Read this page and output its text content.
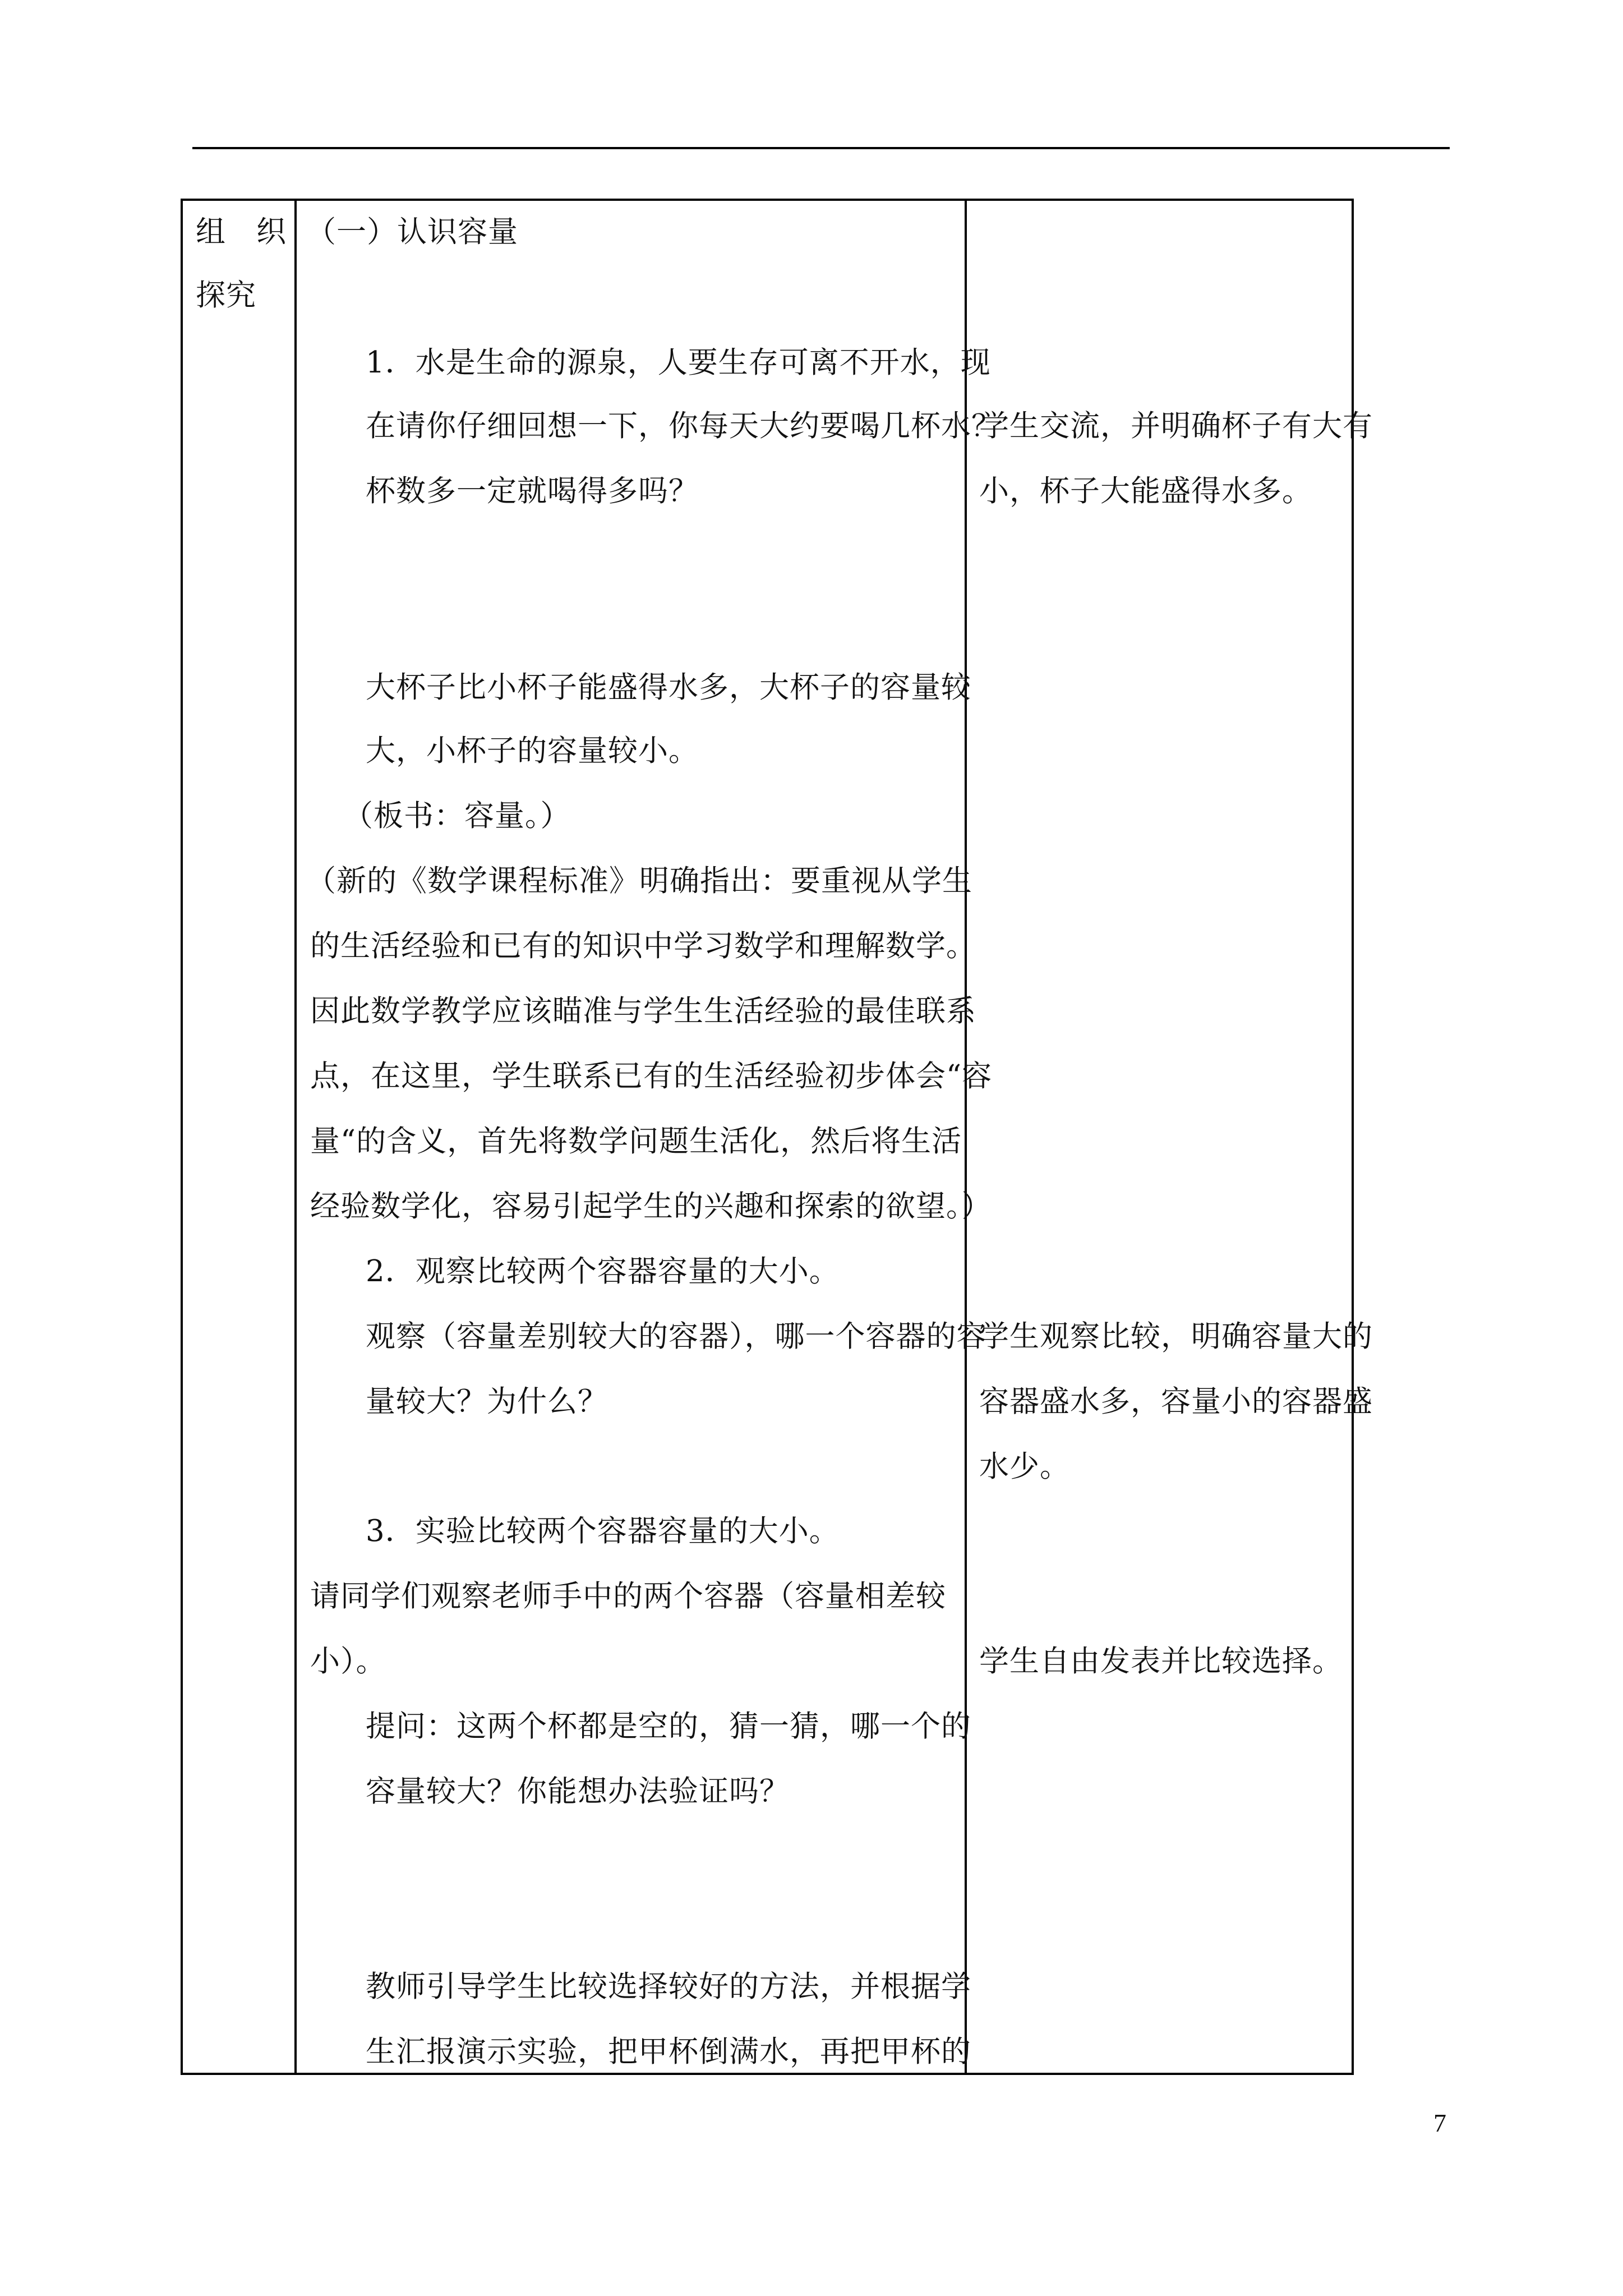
组　织
探究
（一）认识容量
1．水是生命的源泉，人要生存可离不开水，现
在请你仔细回想一下，你每天大约要喝几杯水？
杯数多一定就喝得多吗？
大杯子比小杯子能盛得水多，大杯子的容量较
大，小杯子的容量较小。
（板书：容量。）
（新的《数学课程标准》明确指出：要重视从学生
的生活经验和已有的知识中学习数学和理解数学。
因此数学教学应该瞄准与学生生活经验的最佳联系
点，在这里，学生联系已有的生活经验初步体会“容
量“的含义，首先将数学问题生活化，然后将生活
经验数学化，容易引起学生的兴趣和探索的欲望。）
2．观察比较两个容器容量的大小。
观察（容量差别较大的容器），哪一个容器的容
量较大？为什么？
3．实验比较两个容器容量的大小。
请同学们观察老师手中的两个容器（容量相差较
小）。
提问：这两个杯都是空的，猜一猜，哪一个的
容量较大？你能想办法验证吗？
教师引导学生比较选择较好的方法，并根据学
生汇报演示实验，把甲杯倒满水，再把甲杯的
学生交流，并明确杯子有大有
小，杯子大能盛得水多。
学生观察比较，明确容量大的
容器盛水多，容量小的容器盛
水少。
学生自由发表并比较选择。
7
